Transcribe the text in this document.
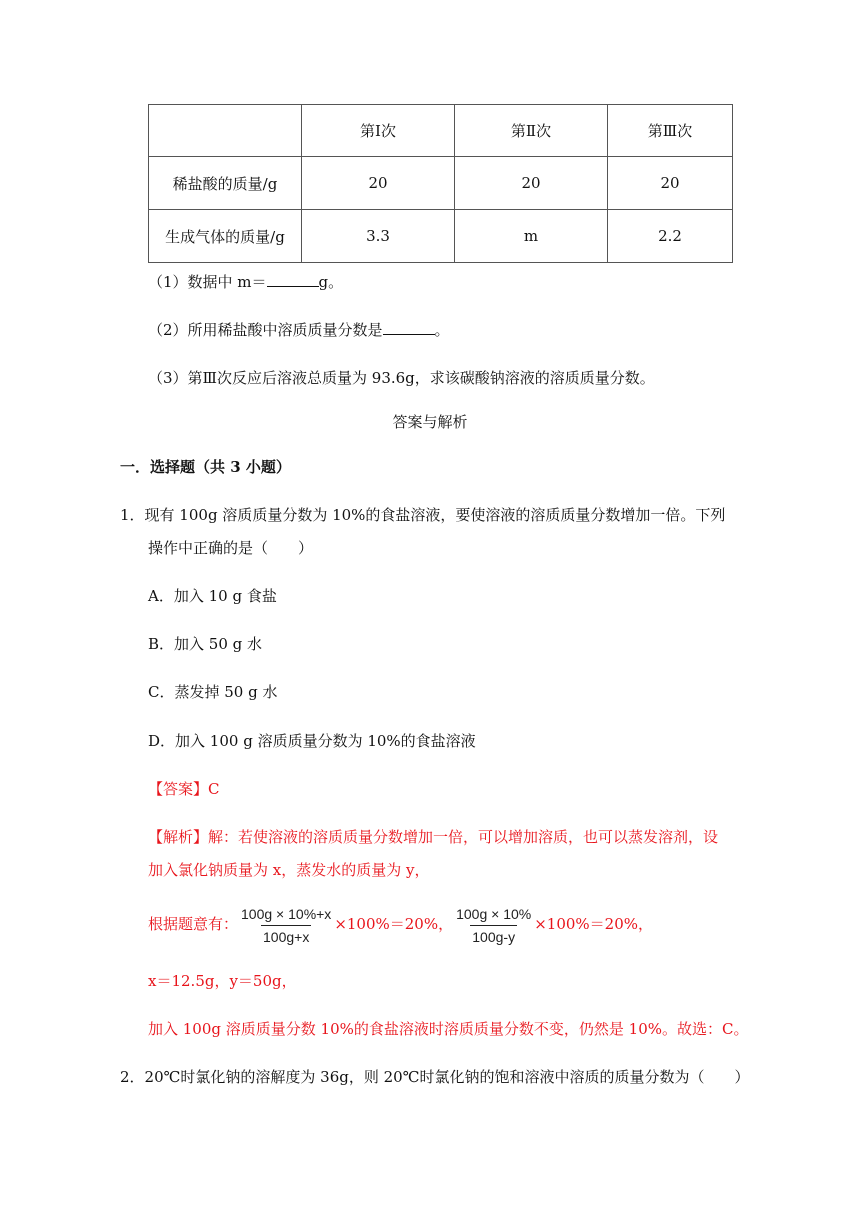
	第Ⅰ次	第Ⅱ次	第Ⅲ次
稀盐酸的质量/g	20	20	20
生成气体的质量/g	3.3	m	2.2
（1）数据中 m＝	g。
（2）所用稀盐酸中溶质质量分数是	。
（3）第Ⅲ次反应后溶液总质量为 93.6g，求该碳酸钠溶液的溶质质量分数。
答案与解析
一．选择题（共 3 小题）
1．现有 100g 溶质质量分数为 10%的食盐溶液，要使溶液的溶质质量分数增加一倍。下列
操作中正确的是（　　）
A．加入 10 g 食盐
B．加入 50 g 水
C．蒸发掉 50 g 水
D．加入 100 g 溶质质量分数为 10%的食盐溶液
【答案】C
【解析】解：若使溶液的溶质质量分数增加一倍，可以增加溶质，也可以蒸发溶剂，设
加入氯化钠质量为 x，蒸发水的质量为 y，
根据题意有： $\frac{100g \times 10\%+x}{100g+x} \times 100\%=20\%$， $\frac{100g \times 10\%}{100g-y} \times 100\%=20\%$，
x＝12.5g，y＝50g，
加入 100g 溶质质量分数 10%的食盐溶液时溶质质量分数不变，仍然是 10%。故选：C。
2．20℃时氯化钠的溶解度为 36g，则 20℃时氯化钠的饱和溶液中溶质的质量分数为（　　）
